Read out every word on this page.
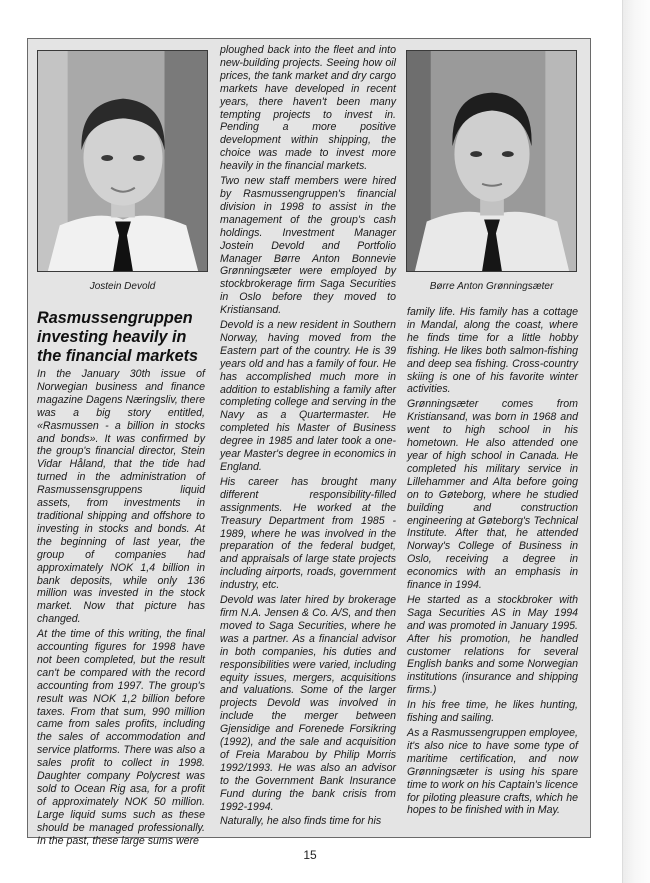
Jostein Devold	Børre Anton Grønningsæter
Rasmussengruppen investing heavily in the financial markets

In the January 30th issue of Norwegian business and finance magazine Dagens Næringsliv, there was a big story entitled, «Rasmussen - a billion in stocks and bonds». It was confirmed by the group's financial director, Stein Vidar Håland, that the tide had turned in the administration of Rasmussensgruppens liquid assets, from investments in traditional shipping and offshore to investing in stocks and bonds. At the beginning of last year, the group of companies had approximately NOK 1,4 billion in bank deposits, while only 136 million was invested in the stock market. Now that picture has changed.

At the time of this writing, the final accounting figures for 1998 have not been completed, but the result can't be compared with the record accounting from 1997. The group's result was NOK 1,2 billion before taxes. From that sum, 990 million came from sales profits, including the sales of accommodation and service platforms. There was also a sales profit to collect in 1998. Daughter company Polycrest was sold to Ocean Rig asa, for a profit of approximately NOK 50 million. Large liquid sums such as these should be managed professionally. In the past, these large sums were

ploughed back into the fleet and into new-building projects. Seeing how oil prices, the tank market and dry cargo markets have developed in recent years, there haven't been many tempting projects to invest in. Pending a more positive development within shipping, the choice was made to invest more heavily in the financial markets.

Two new staff members were hired by Rasmussengruppen's financial division in 1998 to assist in the management of the group's cash holdings. Investment Manager Jostein Devold and Portfolio Manager Børre Anton Bonnevie Grønningsæter were employed by stockbrokerage firm Saga Securities in Oslo before they moved to Kristiansand.

Devold is a new resident in Southern Norway, having moved from the Eastern part of the country. He is 39 years old and has a family of four. He has accomplished much more in addition to establishing a family after completing college and serving in the Navy as a Quartermaster. He completed his Master of Business degree in 1985 and later took a one-year Master's degree in economics in England.

His career has brought many different responsibility-filled assignments. He worked at the Treasury Department from 1985 - 1989, where he was involved in the preparation of the federal budget, and appraisals of large state projects including airports, roads, government industry, etc.

Devold was later hired by brokerage firm N.A. Jensen & Co. A/S, and then moved to Saga Securities, where he was a partner. As a financial advisor in both companies, his duties and responsibilities were varied, including equity issues, mergers, acquisitions and valuations. Some of the larger projects Devold was involved in include the merger between Gjensidige and Forenede Forsikring (1992), and the sale and acquisition of Freia Marabou by Philip Morris 1992/1993. He was also an advisor to the Government Bank Insurance Fund during the bank crisis from 1992-1994.

Naturally, he also finds time for his

family life. His family has a cottage in Mandal, along the coast, where he finds time for a little hobby fishing. He likes both salmon-fishing and deep sea fishing. Cross-country skiing is one of his favorite winter activities.

Grønningsæter comes from Kristiansand, was born in 1968 and went to high school in his hometown. He also attended one year of high school in Canada. He completed his military service in Lillehammer and Alta before going on to Gøteborg, where he studied building and construction engineering at Gøteborg's Technical Institute. After that, he attended Norway's College of Business in Oslo, receiving a degree in economics with an emphasis in finance in 1994.

He started as a stockbroker with Saga Securities AS in May 1994 and was promoted in January 1995. After his promotion, he handled customer relations for several English banks and some Norwegian institutions (insurance and shipping firms.)

In his free time, he likes hunting, fishing and sailing.

As a Rasmussengruppen employee, it's also nice to have some type of maritime certification, and now Grønningsæter is using his spare time to work on his Captain's licence for piloting pleasure crafts, which he hopes to be finished with in May.

15
